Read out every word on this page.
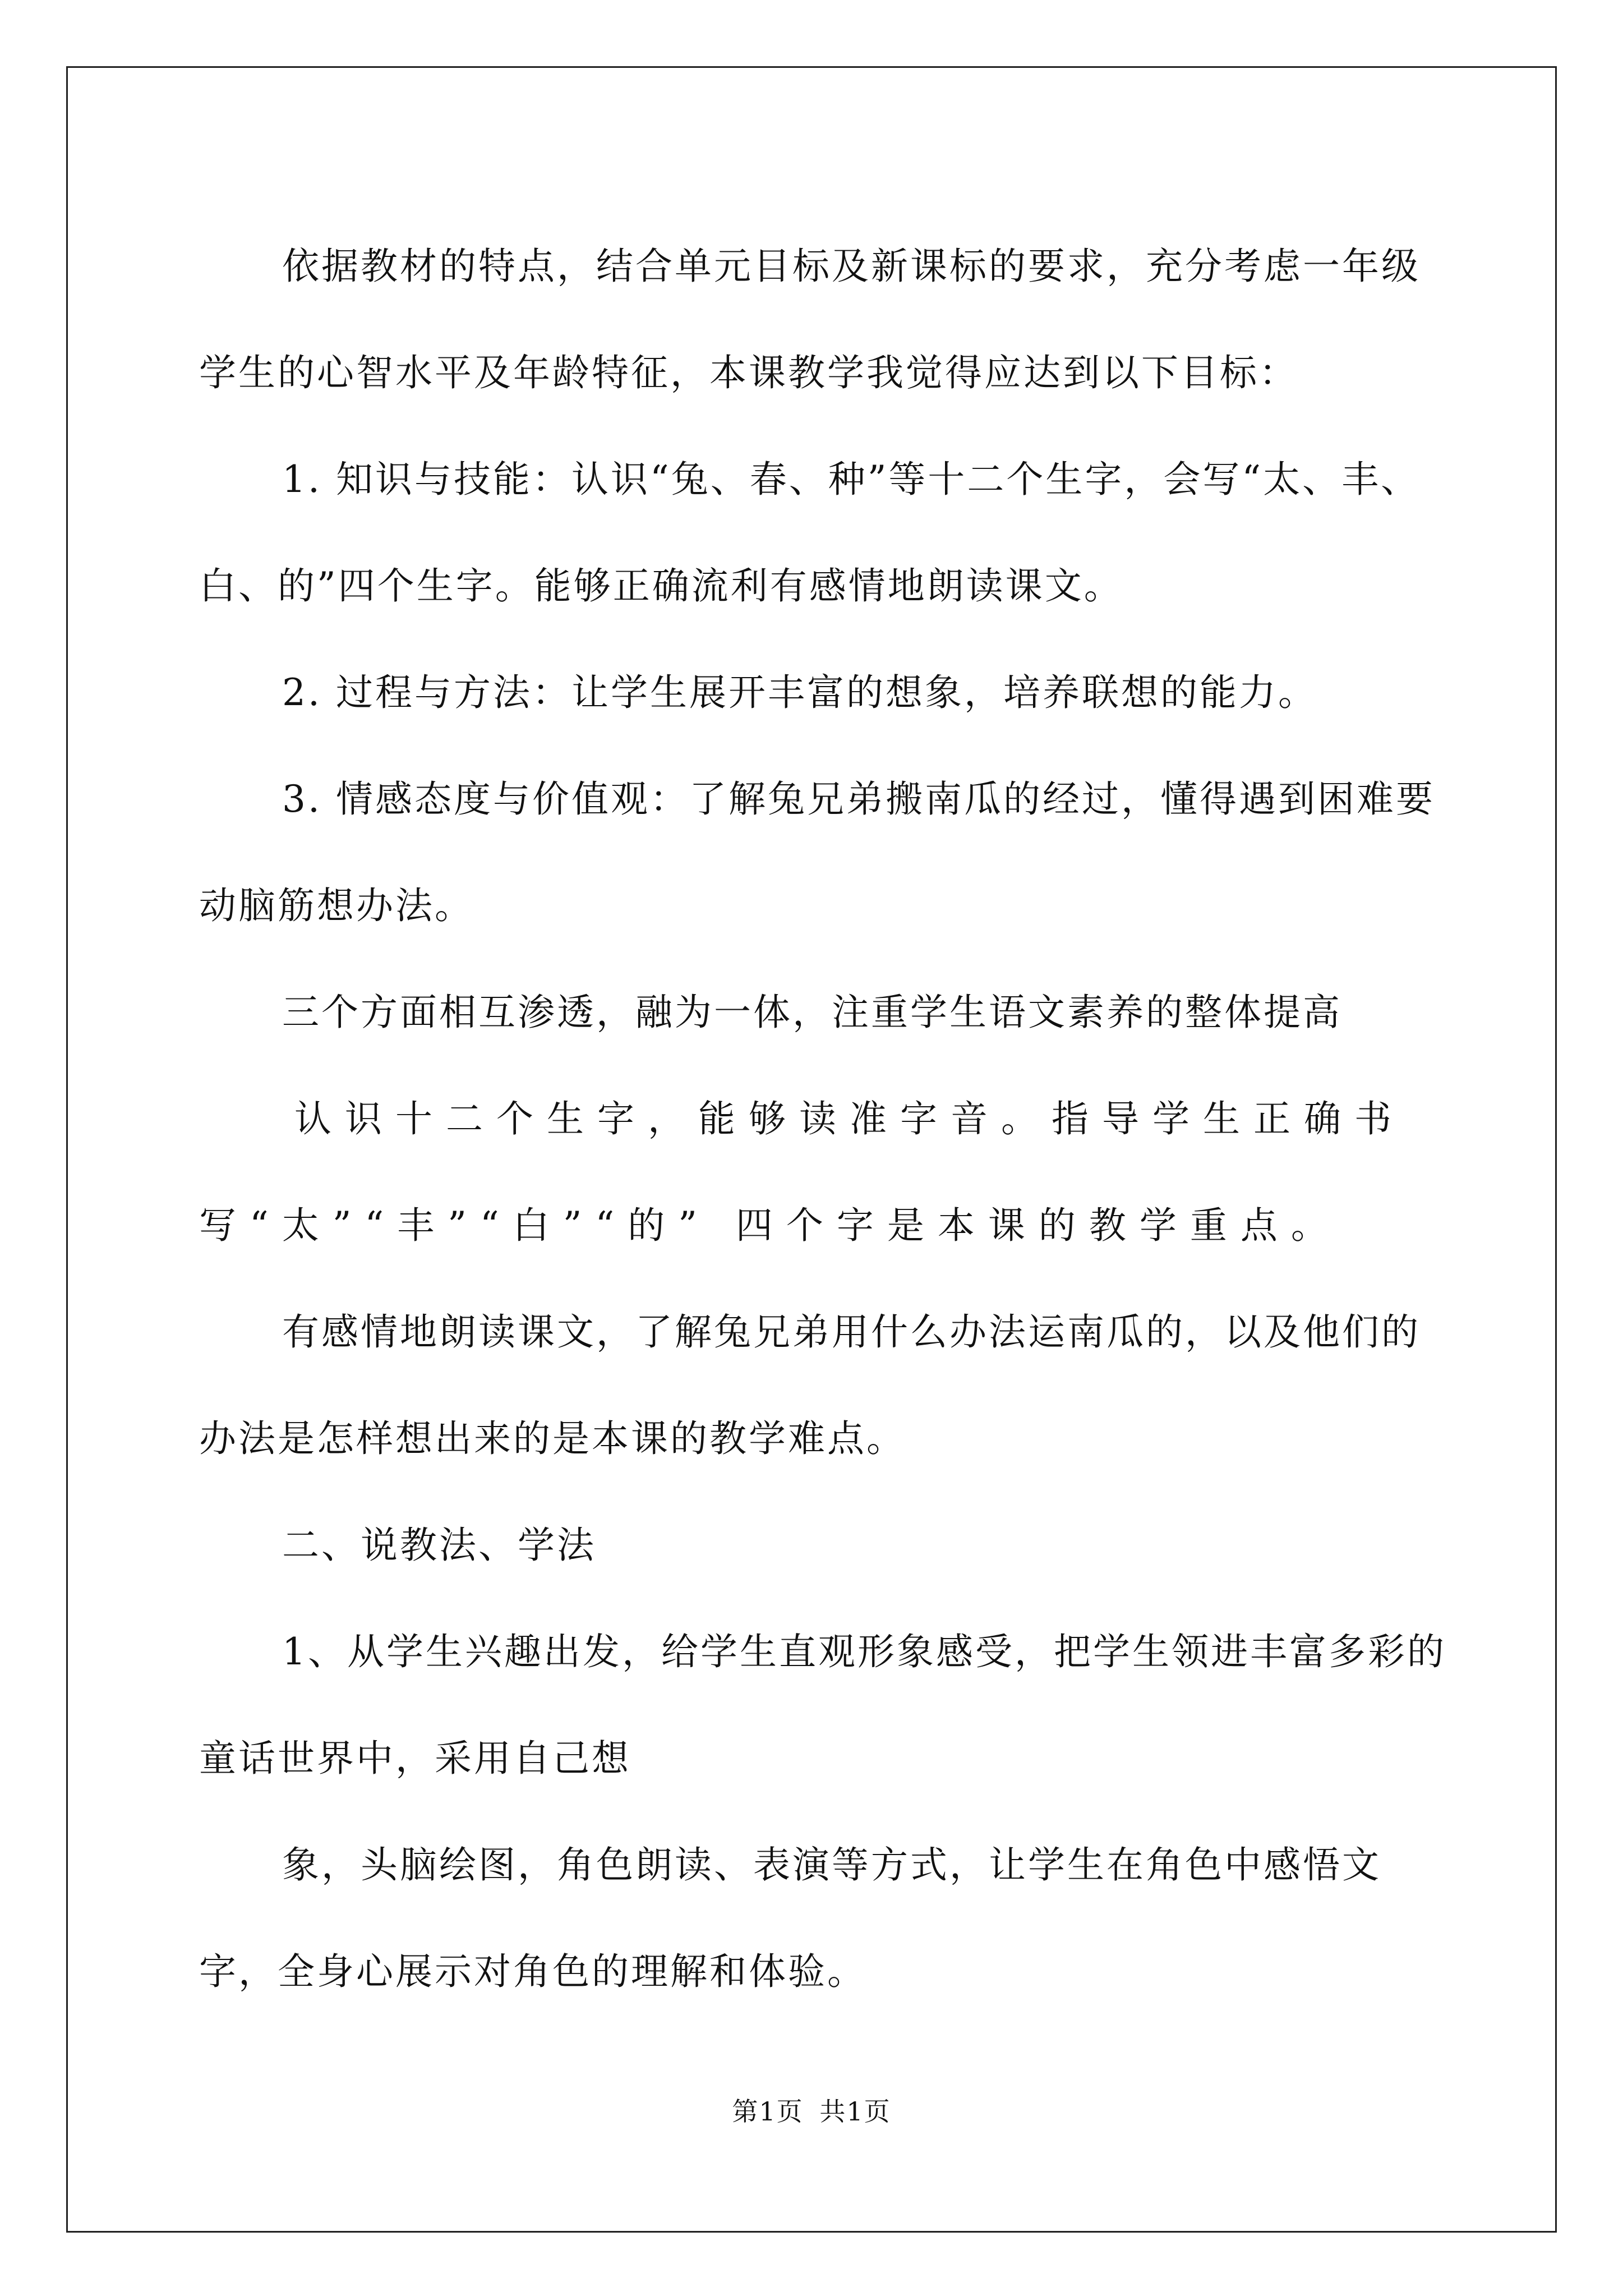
依据教材的特点，结合单元目标及新课标的要求，充分考虑一年级学生的心智水平及年龄特征，本课教学我觉得应达到以下目标：

1. 知识与技能：认识“兔、春、种”等十二个生字，会写“太、丰、白、的”四个生字。能够正确流利有感情地朗读课文。

2. 过程与方法：让学生展开丰富的想象，培养联想的能力。

3. 情感态度与价值观：了解兔兄弟搬南瓜的经过，懂得遇到困难要动脑筋想办法。

三个方面相互渗透，融为一体，注重学生语文素养的整体提高

认识十二个生字，能够读准字音。指导学生正确书写“太”“丰”“白”“的” 四个字是本课的教学重点。

有感情地朗读课文，了解兔兄弟用什么办法运南瓜的，以及他们的办法是怎样想出来的是本课的教学难点。

二、说教法、学法

1、从学生兴趣出发，给学生直观形象感受，把学生领进丰富多彩的童话世界中，采用自己想

象，头脑绘图，角色朗读、表演等方式，让学生在角色中感悟文字，全身心展示对角色的理解和体验。

第1页 共1页
